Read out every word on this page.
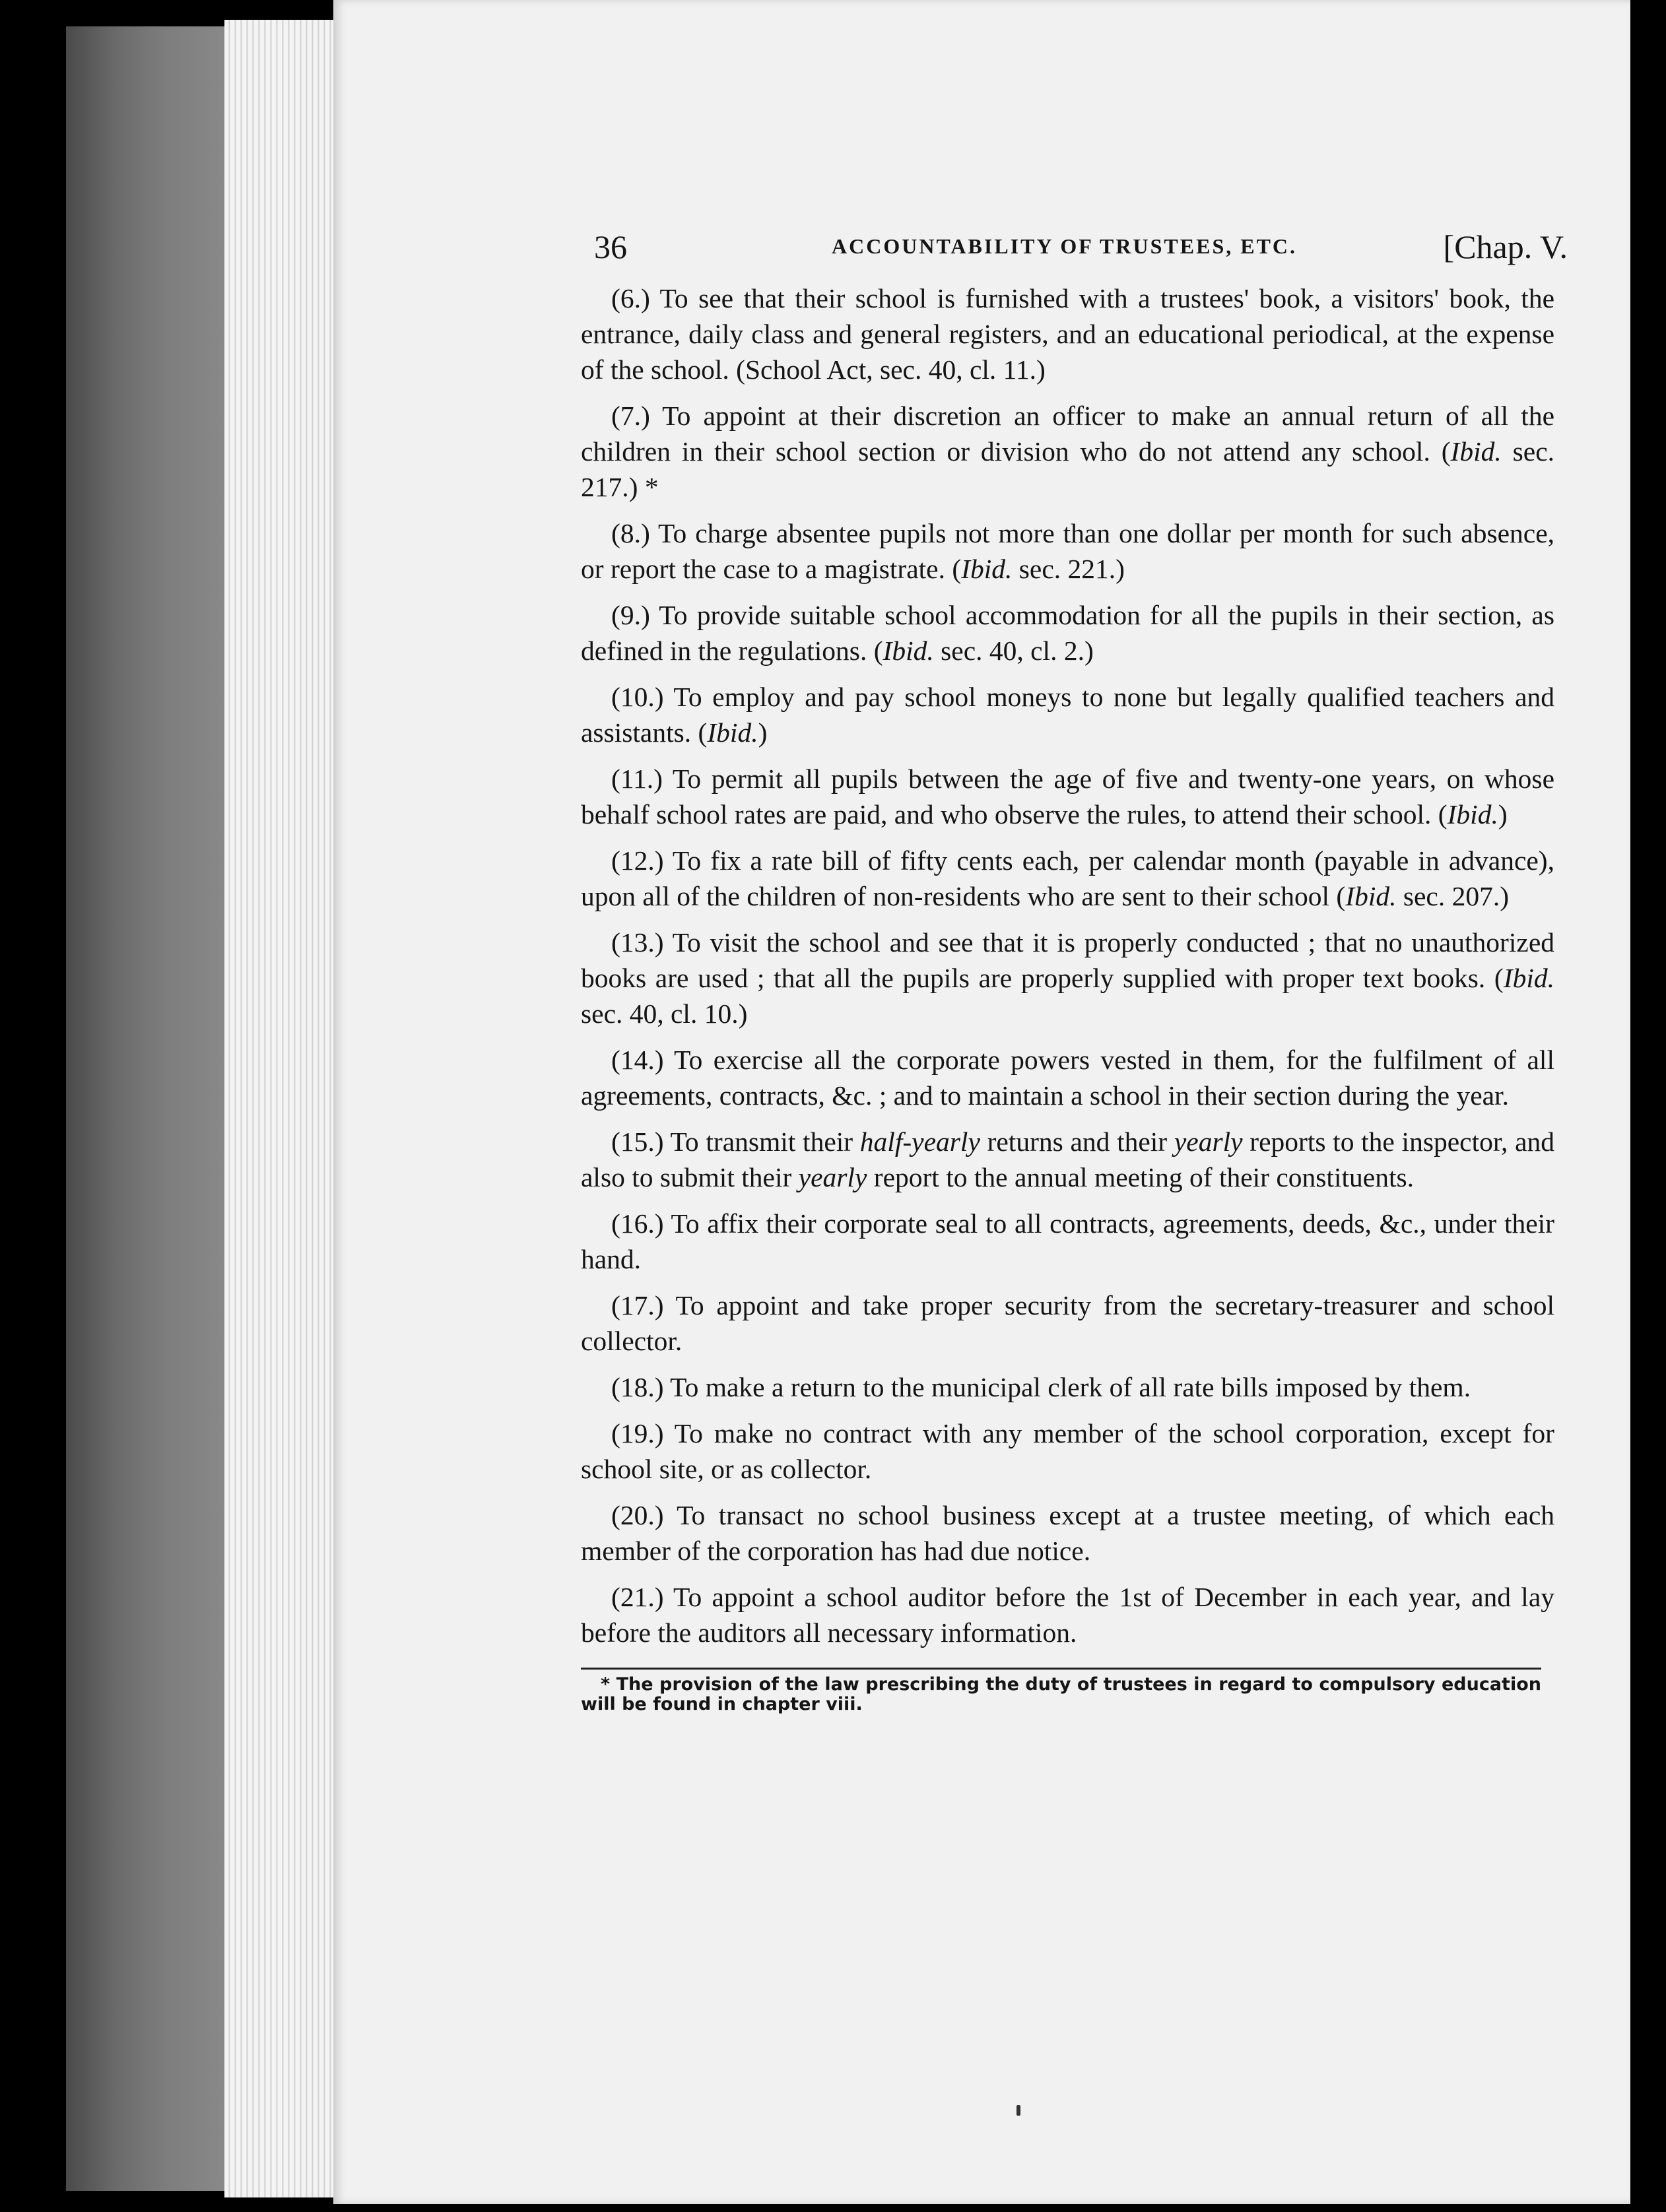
36	ACCOUNTABILITY OF TRUSTEES, ETC.	[Chap. V.

(6.) To see that their school is furnished with a trustees' book, a visitors' book, the entrance, daily class and general registers, and an educational periodical, at the expense of the school. (School Act, sec. 40, cl. 11.)

(7.) To appoint at their discretion an officer to make an annual return of all the children in their school section or division who do not attend any school. (Ibid. sec. 217.) *

(8.) To charge absentee pupils not more than one dollar per month for such absence, or report the case to a magistrate. (Ibid. sec. 221.)

(9.) To provide suitable school accommodation for all the pupils in their section, as defined in the regulations. (Ibid. sec. 40, cl. 2.)

(10.) To employ and pay school moneys to none but legally qualified teachers and assistants. (Ibid.)

(11.) To permit all pupils between the age of five and twenty-one years, on whose behalf school rates are paid, and who observe the rules, to attend their school. (Ibid.)

(12.) To fix a rate bill of fifty cents each, per calendar month (payable in advance), upon all of the children of non-residents who are sent to their school (Ibid. sec. 207.)

(13.) To visit the school and see that it is properly conducted ; that no unauthorized books are used ; that all the pupils are properly supplied with proper text books. (Ibid. sec. 40, cl. 10.)

(14.) To exercise all the corporate powers vested in them, for the fulfilment of all agreements, contracts, &c. ; and to maintain a school in their section during the year.

(15.) To transmit their half-yearly returns and their yearly reports to the inspector, and also to submit their yearly report to the annual meeting of their constituents.

(16.) To affix their corporate seal to all contracts, agreements, deeds, &c., under their hand.

(17.) To appoint and take proper security from the secretary-treasurer and school collector.

(18.) To make a return to the municipal clerk of all rate bills imposed by them.

(19.) To make no contract with any member of the school corporation, except for school site, or as collector.

(20.) To transact no school business except at a trustee meeting, of which each member of the corporation has had due notice.

(21.) To appoint a school auditor before the 1st of December in each year, and lay before the auditors all necessary information.

* The provision of the law prescribing the duty of trustees in regard to compulsory education will be found in chapter viii.
